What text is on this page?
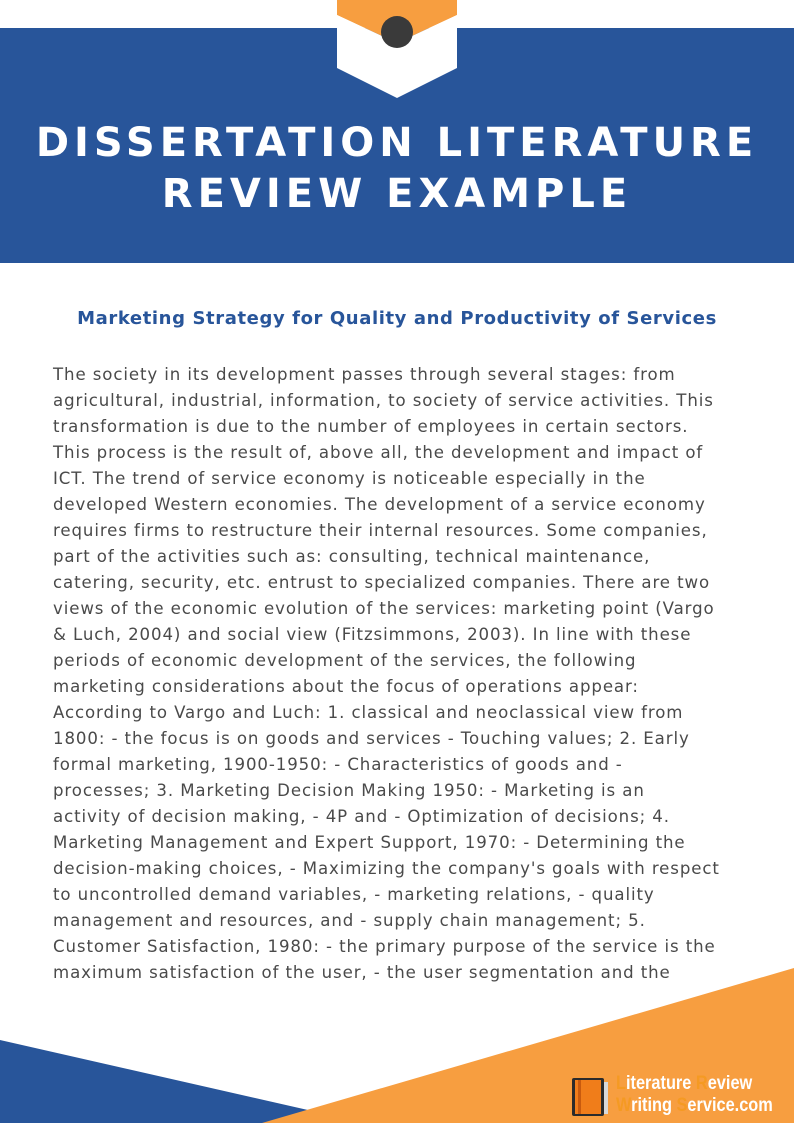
DISSERTATION LITERATURE
REVIEW EXAMPLE
Marketing Strategy for Quality and Productivity of Services
The society in its development passes through several stages: from
agricultural, industrial, information, to society of service activities. This
transformation is due to the number of employees in certain sectors.
This process is the result of, above all, the development and impact of
ICT. The trend of service economy is noticeable especially in the
developed Western economies. The development of a service economy
requires firms to restructure their internal resources. Some companies,
part of the activities such as: consulting, technical maintenance,
catering, security, etc. entrust to specialized companies. There are two
views of the economic evolution of the services: marketing point (Vargo
& Luch, 2004) and social view (Fitzsimmons, 2003). In line with these
periods of economic development of the services, the following
marketing considerations about the focus of operations appear:
According to Vargo and Luch: 1. classical and neoclassical view from
1800: - the focus is on goods and services - Touching values; 2. Early
formal marketing, 1900-1950: - Characteristics of goods and -
processes; 3. Marketing Decision Making 1950: - Marketing is an
activity of decision making, - 4P and - Optimization of decisions; 4.
Marketing Management and Expert Support, 1970: - Determining the
decision-making choices, - Maximizing the company's goals with respect
to uncontrolled demand variables, - marketing relations, - quality
management and resources, and - supply chain management; 5.
Customer Satisfaction, 1980: - the primary purpose of the service is the
maximum satisfaction of the user, - the user segmentation and the
Literature Review
Writing Service.com
